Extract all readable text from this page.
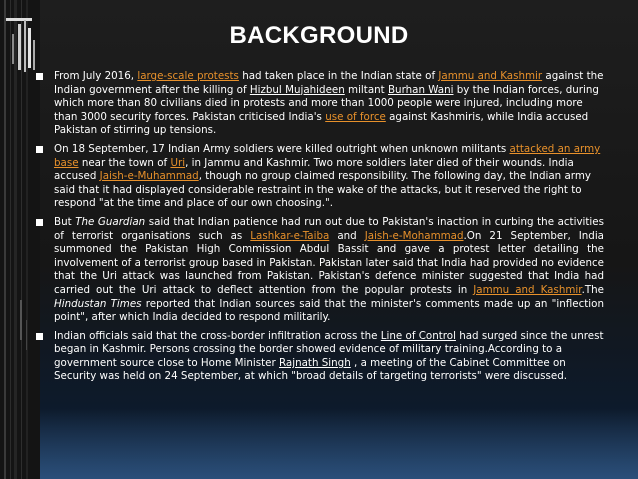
BACKGROUND
From July 2016, large-scale protests had taken place in the Indian state of Jammu and Kashmir against the Indian government after the killing of Hizbul Mujahideen miltant Burhan Wani by the Indian forces, during which more than 80 civilians died in protests and more than 1000 people were injured, including more than 3000 security forces. Pakistan criticised India's use of force against Kashmiris, while India accused Pakistan of stirring up tensions.
On 18 September, 17 Indian Army soldiers were killed outright when unknown militants attacked an army base near the town of Uri, in Jammu and Kashmir. Two more soldiers later died of their wounds. India accused Jaish-e-Muhammad, though no group claimed responsibility. The following day, the Indian army said that it had displayed considerable restraint in the wake of the attacks, but it reserved the right to respond "at the time and place of our own choosing.".
But The Guardian said that Indian patience had run out due to Pakistan's inaction in curbing the activities of terrorist organisations such as Lashkar-e-Taiba and Jaish-e-Mohammad.On 21 September, India summoned the Pakistan High Commission Abdul Bassit and gave a protest letter detailing the involvement of a terrorist group based in Pakistan. Pakistan later said that India had provided no evidence that the Uri attack was launched from Pakistan. Pakistan's defence minister suggested that India had carried out the Uri attack to deflect attention from the popular protests in Jammu and Kashmir.The Hindustan Times reported that Indian sources said that the minister's comments made up an "inflection point", after which India decided to respond militarily.
Indian officials said that the cross-border infiltration across the Line of Control had surged since the unrest began in Kashmir. Persons crossing the border showed evidence of military training.According to a government source close to Home Minister Rajnath Singh , a meeting of the Cabinet Committee on Security was held on 24 September, at which "broad details of targeting terrorists" were discussed.
